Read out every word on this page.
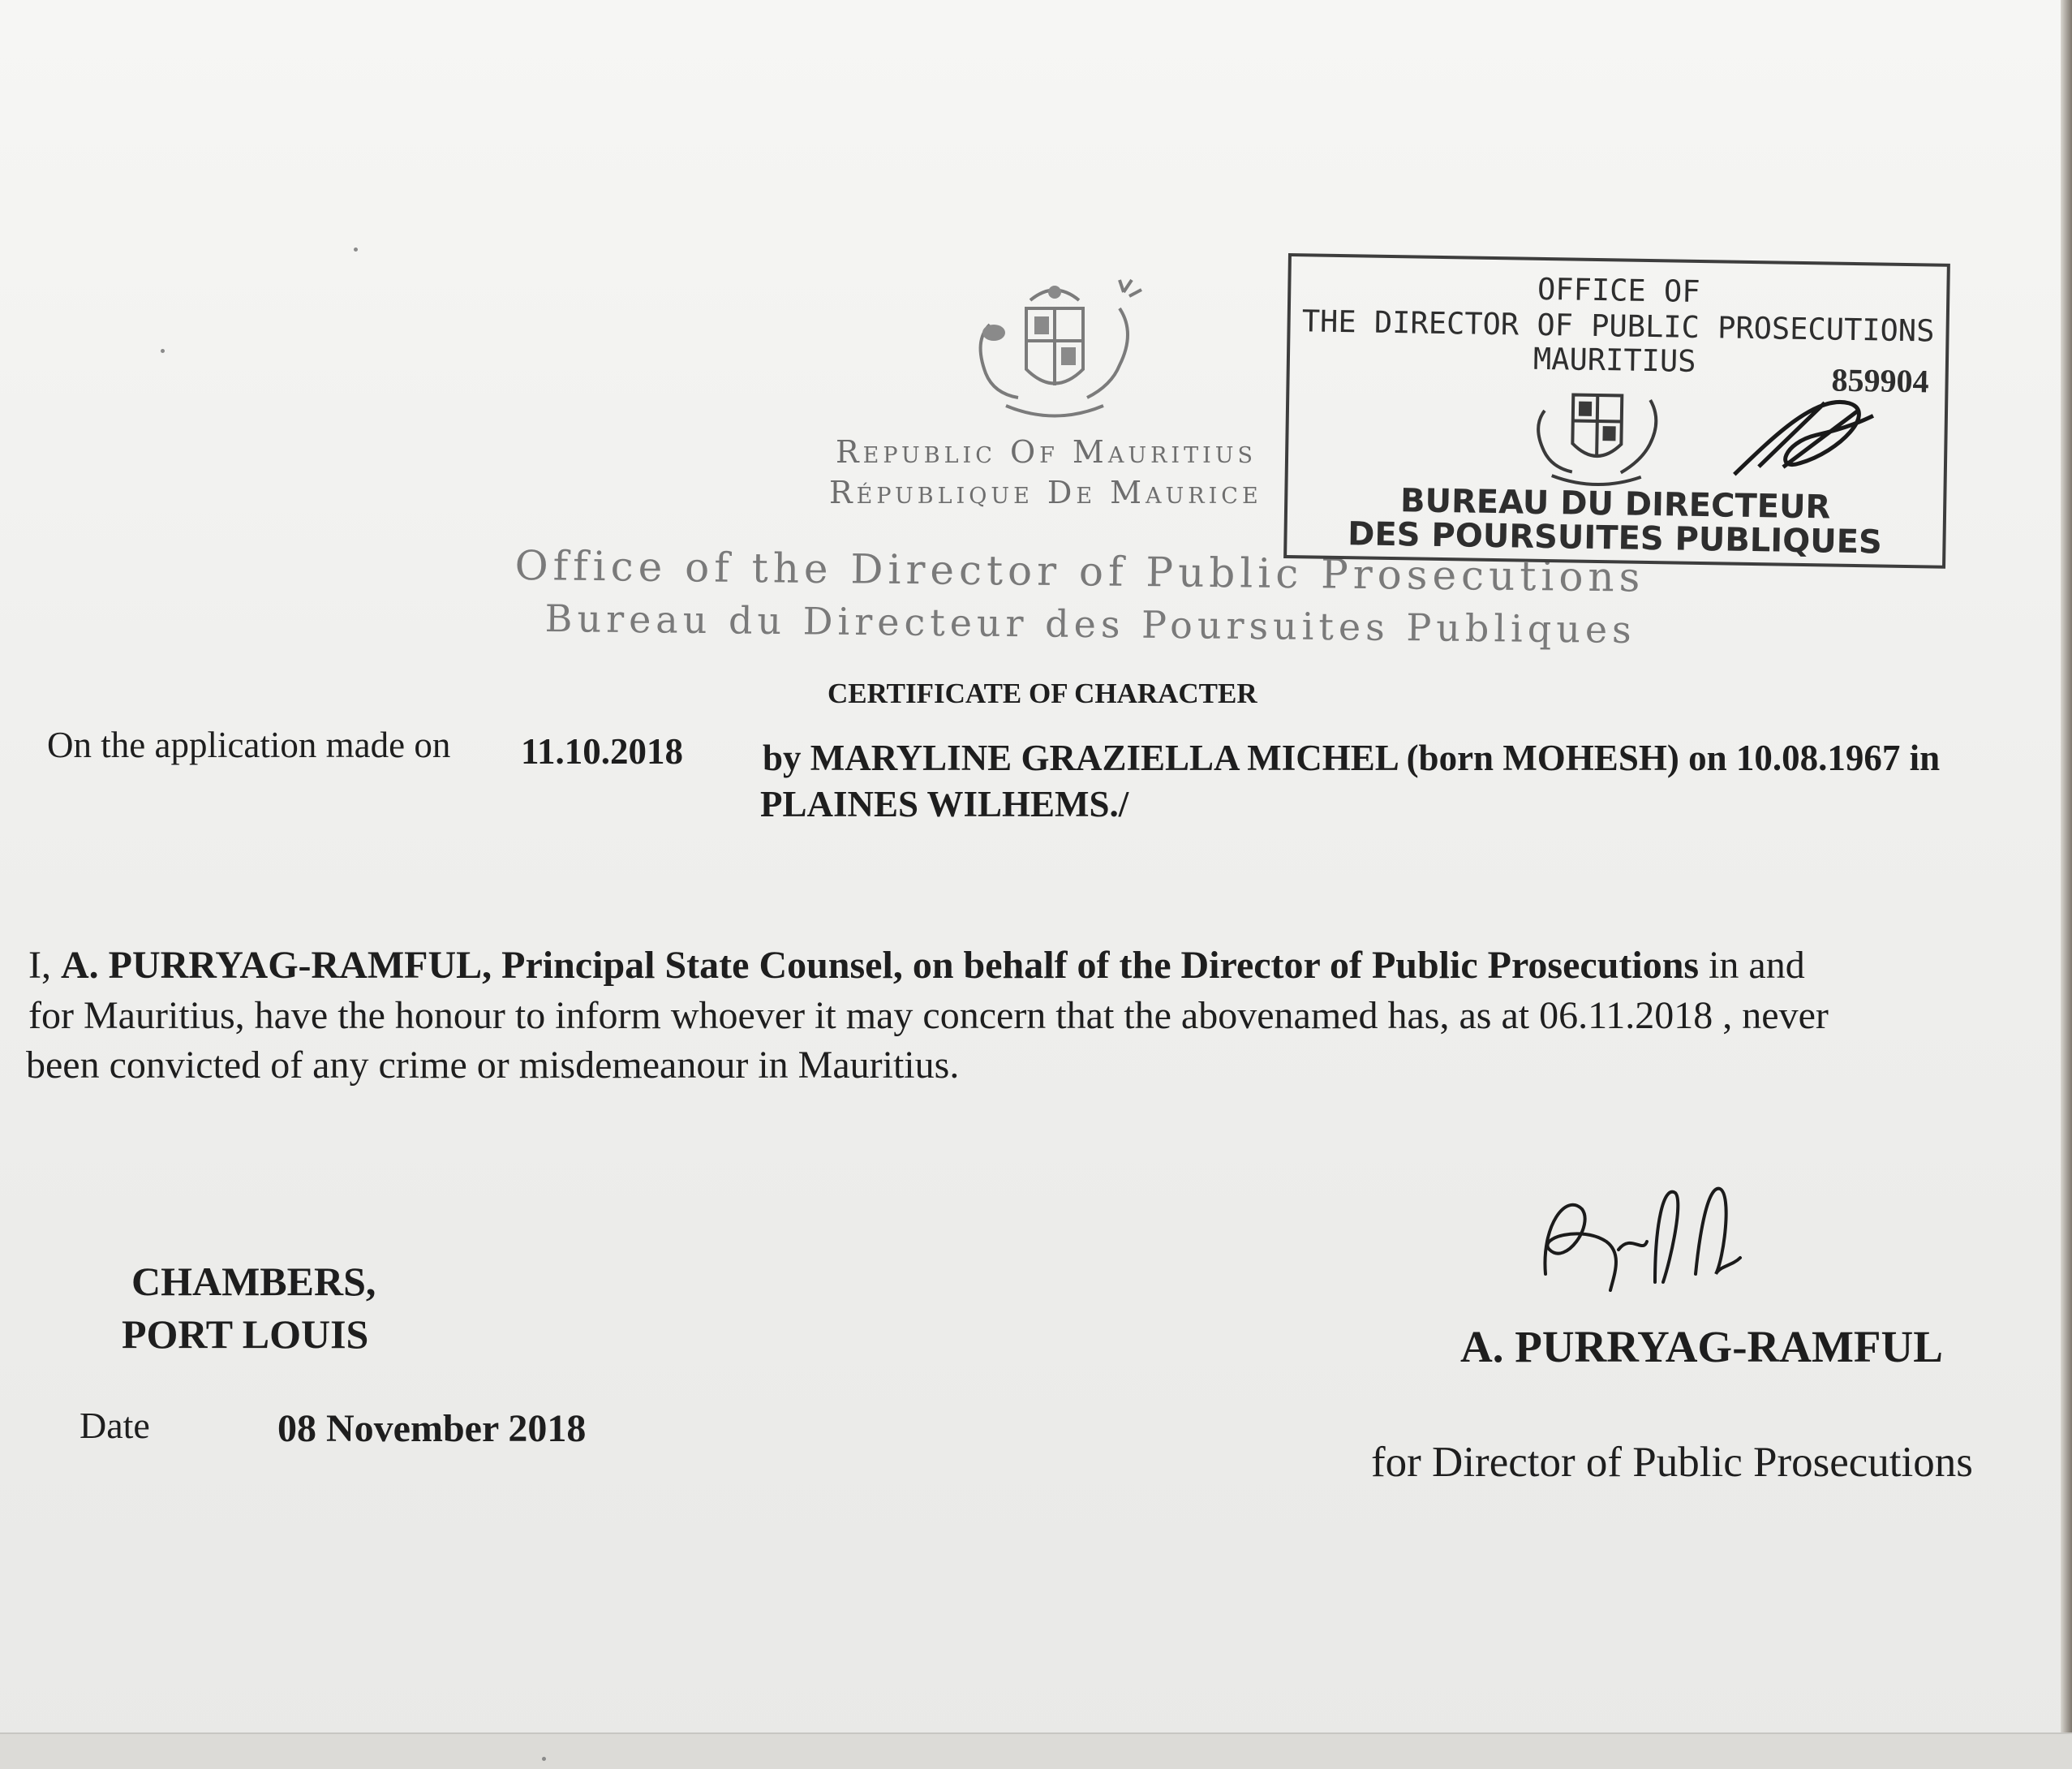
Republic Of Mauritius
République De Maurice
Office of the Director of Public Prosecutions
Bureau du Directeur des Poursuites Publiques
OFFICE OF
THE DIRECTOR OF PUBLIC PROSECUTIONS
MAURITIUS
859904
BUREAU DU DIRECTEUR
DES POURSUITES PUBLIQUES
CERTIFICATE OF CHARACTER
On the application made on 11.10.2018 by MARYLINE GRAZIELLA MICHEL (born MOHESH) on 10.08.1967 in
PLAINES WILHEMS./
I, A. PURRYAG-RAMFUL, Principal State Counsel, on behalf of the Director of Public Prosecutions in and
for Mauritius, have the honour to inform whoever it may concern that the abovenamed has, as at 06.11.2018 , never
been convicted of any crime or misdemeanour in Mauritius.
CHAMBERS,
PORT LOUIS
Date	08 November 2018
A. PURRYAG-RAMFUL
for Director of Public Prosecutions
